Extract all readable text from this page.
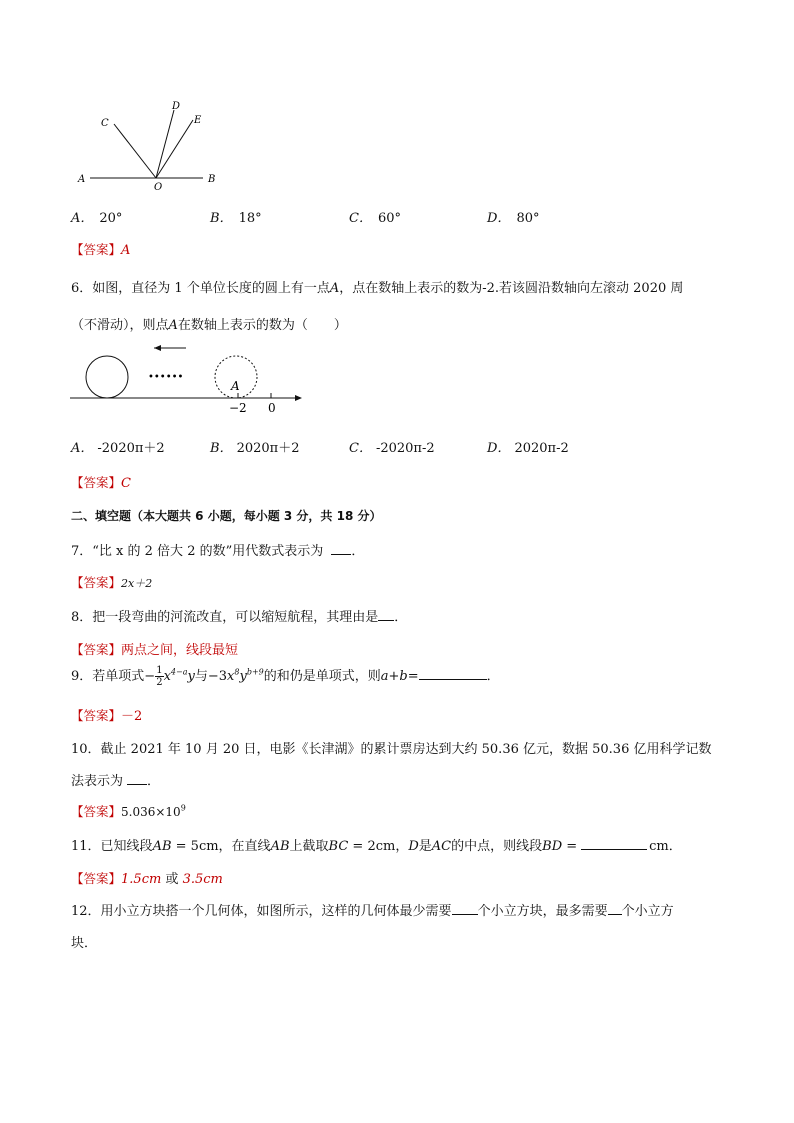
A	B
C
D
E
O
A． 20°	B． 18°	C． 60°	D． 80°
【答案】A
6．如图，直径为 1 个单位长度的圆上有一点A，点在数轴上表示的数为-2.若该圆沿数轴向左滚动 2020 周
（不滑动），则点A在数轴上表示的数为（　　）
••••••
A
−2 0
A． -2020π＋2	B． 2020π＋2	C． -2020π-2	D． 2020π-2
【答案】C
二、填空题（本大题共 6 小题，每小题 3 分，共 18 分）
7．“比 x 的 2 倍大 2 的数”用代数式表示为 ．
【答案】2x＋2
8．把一段弯曲的河流改直，可以缩短航程，其理由是 ．
【答案】两点之间，线段最短
9．若单项式− $\frac{1}{2} x^{4-a}y$与$-3x^8y^{b+9}$的和仍是单项式，则a+b=	．
【答案】－2
10．截止 2021 年 10 月 20 日，电影《长津湖》的累计票房达到大约 50.36 亿元，数据 50.36 亿用科学记数
法表示为 ．
【答案】$5.036\times 10^9$
11．已知线段AB = 5cm，在直线AB上截取BC = 2cm，D是AC的中点，则线段BD =	cm．
【答案】1.5cm 或 3.5cm
12．用小立方块搭一个几何体，如图所示，这样的几何体最少需要 个小立方块，最多需要 个小立方
块．
